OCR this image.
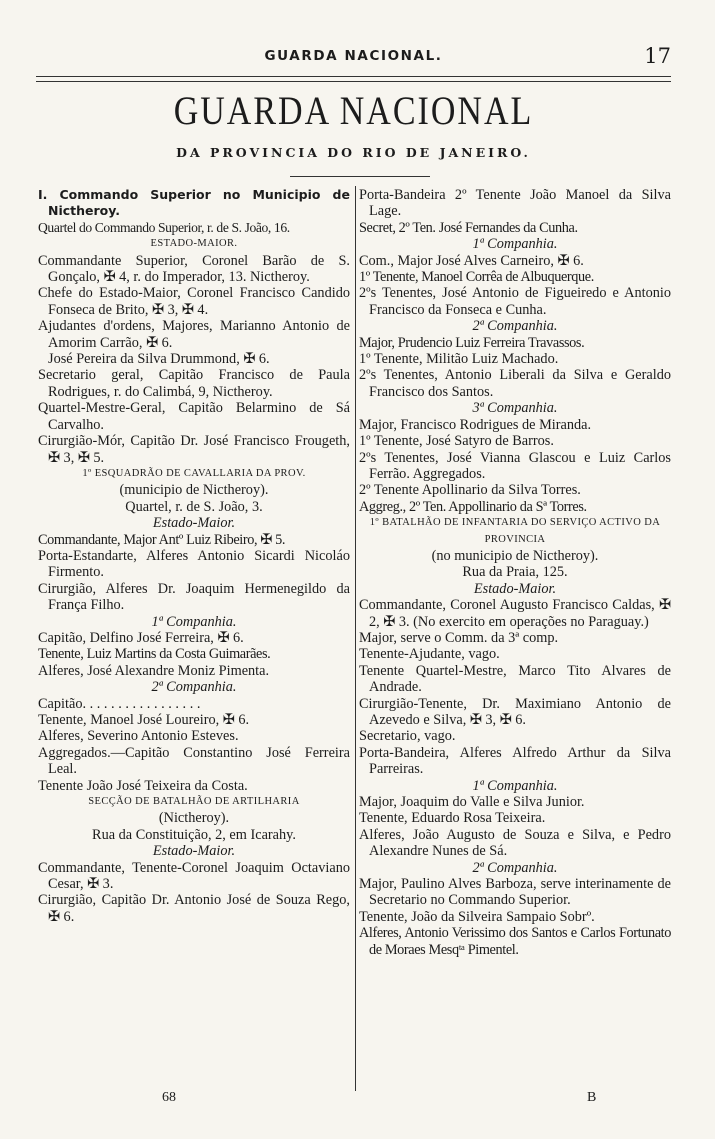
GUARDA NACIONAL.	17
GUARDA NACIONAL
DA PROVINCIA DO RIO DE JANEIRO.

I. Commando Superior no Municipio de Nictheroy.

Quartel do Commando Superior, r. de S. João, 16.

ESTADO-MAIOR.

Commandante Superior, Coronel Barão de S. Gonçalo, ✠ 4, r. do Imperador, 13. Nictheroy.

Chefe do Estado-Maior, Coronel Francisco Candido Fonseca de Brito, ✠ 3, ✠ 4.

Ajudantes d'ordens, Majores, Marianno Antonio de Amorim Carrão, ✠ 6.

José Pereira da Silva Drummond, ✠ 6.

Secretario geral, Capitão Francisco de Paula Rodrigues, r. do Calimbá, 9, Nictheroy.

Quartel-Mestre-Geral, Capitão Belarmino de Sá Carvalho.

Cirurgião-Mór, Capitão Dr. José Francisco Frougeth, ✠ 3, ✠ 5.

1º ESQUADRÃO DE CAVALLARIA DA PROV.

(municipio de Nictheroy).

Quartel, r. de S. João, 3.

Estado-Maior.

Commandante, Major Antº Luiz Ribeiro, ✠ 5.

Porta-Estandarte, Alferes Antonio Sicardi Nicoláo Firmento.

Cirurgião, Alferes Dr. Joaquim Hermenegildo da França Filho.

1ª Companhia.

Capitão, Delfino José Ferreira, ✠ 6.

Tenente, Luiz Martins da Costa Guimarães.

Alferes, José Alexandre Moniz Pimenta.

2ª Companhia.

Capitão. . . . . . . . . . . . . . . . .

Tenente, Manoel José Loureiro, ✠ 6.

Alferes, Severino Antonio Esteves.

Aggregados.—Capitão Constantino José Ferreira Leal.

Tenente João José Teixeira da Costa.

SECÇÃO DE BATALHÃO DE ARTILHARIA

(Nictheroy).

Rua da Constituição, 2, em Icarahy.

Estado-Maior.

Commandante, Tenente-Coronel Joaquim Octaviano Cesar, ✠ 3.

Cirurgião, Capitão Dr. Antonio José de Souza Rego, ✠ 6.

Porta-Bandeira 2º Tenente João Manoel da Silva Lage.

Secret, 2º Ten. José Fernandes da Cunha.

1ª Companhia.

Com., Major José Alves Carneiro, ✠ 6.

1º Tenente, Manoel Corrêa de Albuquerque.

2ºs Tenentes, José Antonio de Figueiredo e Antonio Francisco da Fonseca e Cunha.

2ª Companhia.

Major, Prudencio Luiz Ferreira Travassos.

1º Tenente, Militão Luiz Machado.

2ºs Tenentes, Antonio Liberali da Silva e Geraldo Francisco dos Santos.

3ª Companhia.

Major, Francisco Rodrigues de Miranda.

1º Tenente, José Satyro de Barros.

2ºs Tenentes, José Vianna Glascou e Luiz Carlos Ferrão. Aggregados.

2º Tenente Apollinario da Silva Torres.

Aggreg., 2º Ten. Appollinario da Sª Torres.

1º BATALHÃO DE INFANTARIA DO SERVIÇO ACTIVO DA PROVINCIA

(no municipio de Nictheroy).

Rua da Praia, 125.

Estado-Maior.

Commandante, Coronel Augusto Francisco Caldas, ✠ 2, ✠ 3. (No exercito em operações no Paraguay.)

Major, serve o Comm. da 3ª comp.

Tenente-Ajudante, vago.

Tenente Quartel-Mestre, Marco Tito Alvares de Andrade.

Cirurgião-Tenente, Dr. Maximiano Antonio de Azevedo e Silva, ✠ 3, ✠ 6.

Secretario, vago.

Porta-Bandeira, Alferes Alfredo Arthur da Silva Parreiras.

1ª Companhia.

Major, Joaquim do Valle e Silva Junior.

Tenente, Eduardo Rosa Teixeira.

Alferes, João Augusto de Souza e Silva, e Pedro Alexandre Nunes de Sá.

2ª Companhia.

Major, Paulino Alves Barboza, serve interinamente de Secretario no Commando Superior.

Tenente, João da Silveira Sampaio Sobrº.

Alferes, Antonio Verissimo dos Santos e Carlos Fortunato de Moraes Mesqᵗᵃ Pimentel.

68	B
